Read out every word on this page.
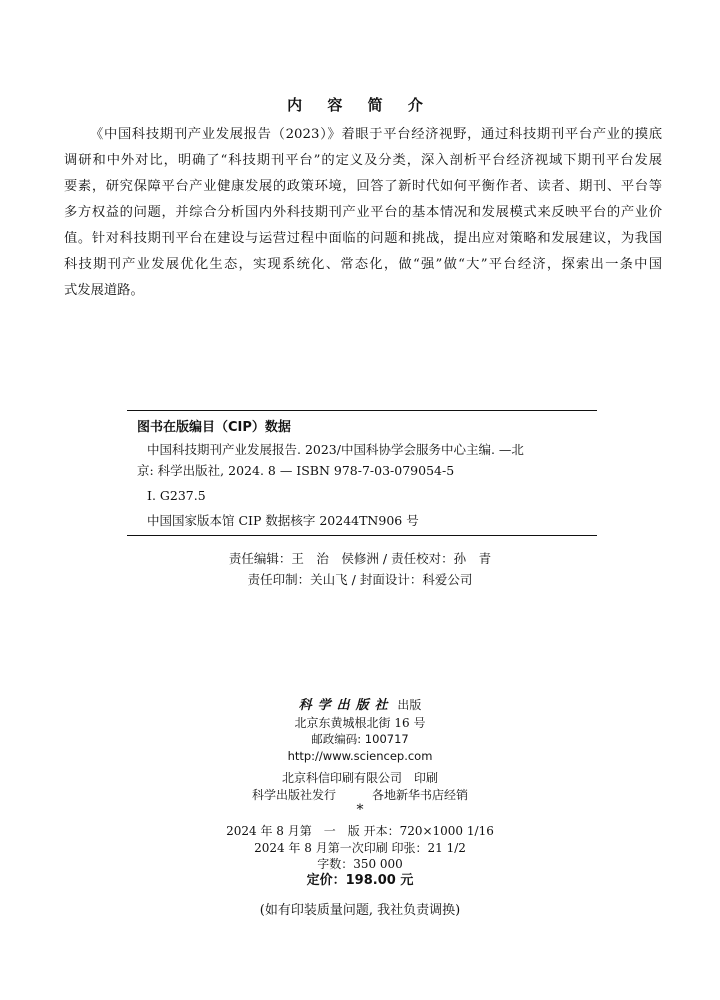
内 容 简 介
《中国科技期刊产业发展报告（2023）》着眼于平台经济视野，通过科技期刊平台产业的摸底
调研和中外对比，明确了“科技期刊平台”的定义及分类，深入剖析平台经济视域下期刊平台发展
要素，研究保障平台产业健康发展的政策环境，回答了新时代如何平衡作者、读者、期刊、平台等
多方权益的问题，并综合分析国内外科技期刊产业平台的基本情况和发展模式来反映平台的产业价
值。针对科技期刊平台在建设与运营过程中面临的问题和挑战，提出应对策略和发展建议，为我国
科技期刊产业发展优化生态，实现系统化、常态化，做“强”做“大”平台经济，探索出一条中国
式发展道路。
图书在版编目（CIP）数据
中国科技期刊产业发展报告. 2023/中国科协学会服务中心主编. —北
京: 科学出版社, 2024. 8 — ISBN 978-7-03-079054-5
Ⅰ. G237.5
中国国家版本馆 CIP 数据核字 20244TN906 号
责任编辑：王　治　侯修洲 / 责任校对：孙　青
责任印制：关山飞 / 封面设计：科爱公司
科学出版社 出版
北京东黄城根北街 16 号
邮政编码: 100717
http://www.sciencep.com
北京科信印刷有限公司　印刷
科学出版社发行	各地新华书店经销
*
2024 年 8 月第　一　版 开本：720×1000 1/16
2024 年 8 月第一次印刷 印张：21 1/2
字数：350 000
定价：198.00 元
(如有印装质量问题, 我社负责调换)
